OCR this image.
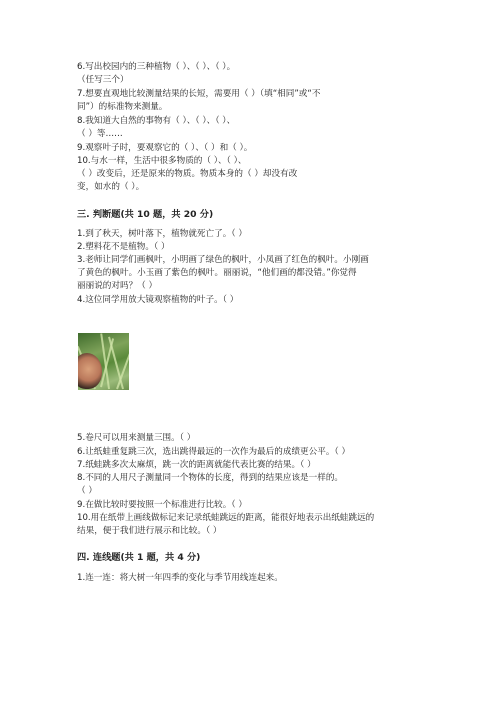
6.写出校园内的三种植物（ ）、（ ）、（ ）。
（任写三个）
7.想要直观地比较测量结果的长短，需要用（ ）（填“相同”或“不
同”）的标准物来测量。
8.我知道大自然的事物有（ ）、（ ）、（ ）、
（ ）等……
9.观察叶子时，要观察它的（ ）、（ ）和（ ）。
10.与水一样，生活中很多物质的（ ）、（ ）、
（ ）改变后，还是原来的物质。物质本身的（ ）却没有改
变，如水的（ ）。
三. 判断题(共 10 题，共 20 分)
1.到了秋天，树叶落下，植物就死亡了。（ ）
2.塑料花不是植物。（ ）
3.老师让同学们画枫叶，小明画了绿色的枫叶，小凤画了红色的枫叶。小刚画
了黄色的枫叶。小玉画了紫色的枫叶。丽丽说，“他们画的都没错。”你觉得
丽丽说的对吗？（ ）
4.这位同学用放大镜观察植物的叶子。（ ）
5.卷尺可以用来测量三围。（ ）
6.让纸蛙重复跳三次，选出跳得最远的一次作为最后的成绩更公平。（ ）
7.纸蛙跳多次太麻烦，跳一次的距离就能代表比赛的结果。（ ）
8.不同的人用尺子测量同一个物体的长度，得到的结果应该是一样的。
（ ）
9.在做比较时要按照一个标准进行比较。（ ）
10.用在纸带上画线做标记来记录纸蛙跳远的距离，能很好地表示出纸蛙跳远的
结果，便于我们进行展示和比较。（ ）
四. 连线题(共 1 题，共 4 分)
1.连一连：将大树一年四季的变化与季节用线连起来。
